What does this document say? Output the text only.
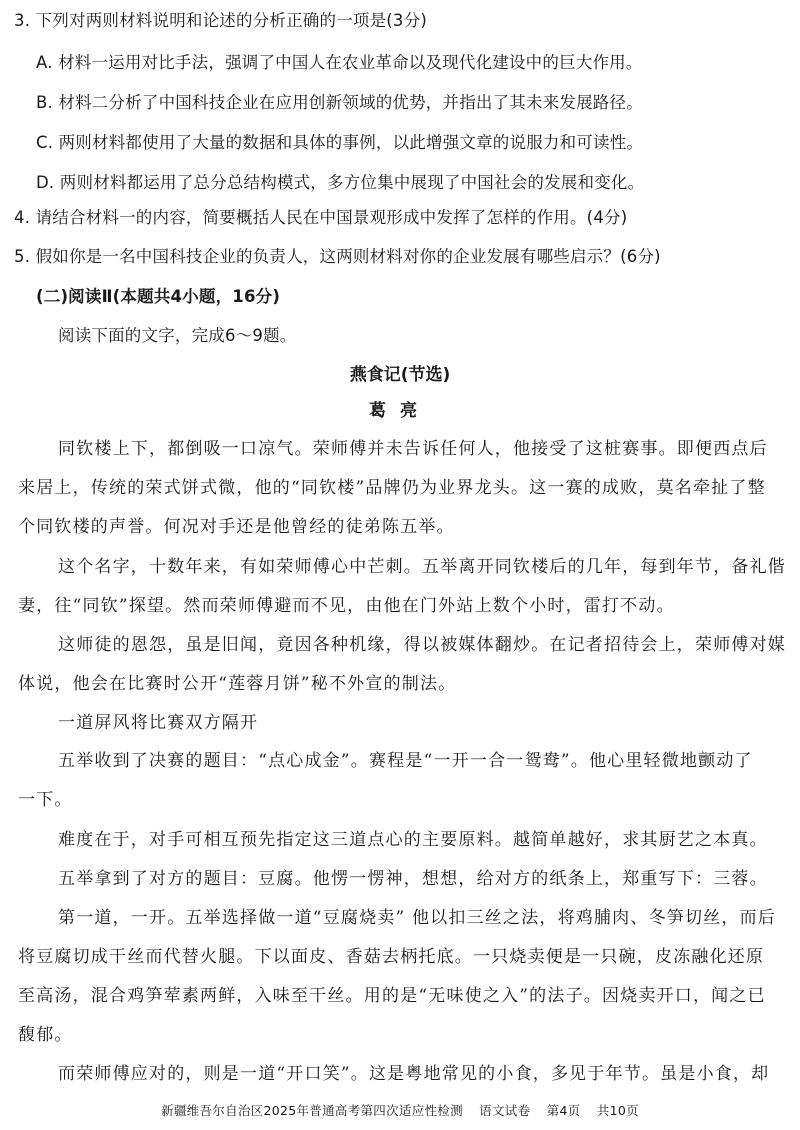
3. 下列对两则材料说明和论述的分析正确的一项是(3分)
A. 材料一运用对比手法，强调了中国人在农业革命以及现代化建设中的巨大作用。
B. 材料二分析了中国科技企业在应用创新领域的优势，并指出了其未来发展路径。
C. 两则材料都使用了大量的数据和具体的事例，以此增强文章的说服力和可读性。
D. 两则材料都运用了总分总结构模式，多方位集中展现了中国社会的发展和变化。
4. 请结合材料一的内容，简要概括人民在中国景观形成中发挥了怎样的作用。(4分)
5. 假如你是一名中国科技企业的负责人，这两则材料对你的企业发展有哪些启示？(6分)
(二)阅读Ⅱ(本题共4小题，16分)
阅读下面的文字，完成6～9题。
燕食记(节选)
葛亮
同钦楼上下，都倒吸一口凉气。荣师傅并未告诉任何人，他接受了这桩赛事。即便西点后
来居上，传统的荣式饼式微，他的“同钦楼”品牌仍为业界龙头。这一赛的成败，莫名牵扯了整
个同钦楼的声誉。何况对手还是他曾经的徒弟陈五举。
这个名字，十数年来，有如荣师傅心中芒刺。五举离开同钦楼后的几年，每到年节，备礼偕
妻，往“同钦”探望。然而荣师傅避而不见，由他在门外站上数个小时，雷打不动。
这师徒的恩怨，虽是旧闻，竟因各种机缘，得以被媒体翻炒。在记者招待会上，荣师傅对媒
体说，他会在比赛时公开“莲蓉月饼”秘不外宣的制法。
一道屏风将比赛双方隔开
五举收到了决赛的题目：“点心成金”。赛程是“一开一合一鸳鸯”。他心里轻微地颤动了
一下。
难度在于，对手可相互预先指定这三道点心的主要原料。越简单越好，求其厨艺之本真。
五举拿到了对方的题目：豆腐。他愣一愣神，想想，给对方的纸条上，郑重写下：三蓉。
第一道，一开。五举选择做一道“豆腐烧卖” 他以扣三丝之法，将鸡脯肉、冬笋切丝，而后
将豆腐切成干丝而代替火腿。下以面皮、香菇去柄托底。一只烧卖便是一只碗，皮冻融化还原
至高汤，混合鸡笋荤素两鲜，入味至干丝。用的是“无味使之入”的法子。因烧卖开口，闻之已
馥郁。
而荣师傅应对的，则是一道“开口笑”。这是粤地常见的小食，多见于年节。虽是小食，却
新疆维吾尔自治区2025年普通高考第四次适应性检测 语文试卷 第4页 共10页
